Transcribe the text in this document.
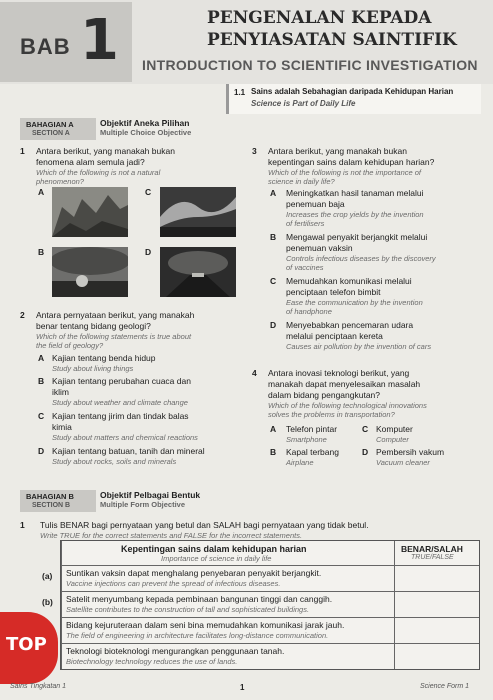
BAB 1	PENGENALAN KEPADA
PENYIASATAN SAINTIFIK
INTRODUCTION TO SCIENTIFIC INVESTIGATION
1.1 Sains adalah Sebahagian daripada Kehidupan Harian
Science is Part of Daily Life
BAHAGIAN A
SECTION A
Objektif Aneka Pilihan
Multiple Choice Objective
1 Antara berikut, yang manakah bukan
fenomena alam semula jadi?
Which of the following is not a natural
phenomenon?
A	C
B	D
2 Antara pernyataan berikut, yang manakah
benar tentang bidang geologi?
Which of the following statements is true about
the field of geology?
A Kajian tentang benda hidup
Study about living things
B Kajian tentang perubahan cuaca dan
iklim
Study about weather and climate change
C Kajian tentang jirim dan tindak balas
kimia
Study about matters and chemical reactions
D Kajian tentang batuan, tanih dan mineral
Study about rocks, soils and minerals
3 Antara berikut, yang manakah bukan
kepentingan sains dalam kehidupan harian?
Which of the following is not the importance of
science in daily life?
A Meningkatkan hasil tanaman melalui
penemuan baja
Increases the crop yields by the invention
of fertilisers
B Mengawal penyakit berjangkit melalui
penemuan vaksin
Controls infectious diseases by the discovery
of vaccines
C Memudahkan komunikasi melalui
penciptaan telefon bimbit
Ease the communication by the invention
of handphone
D Menyebabkan pencemaran udara
melalui penciptaan kereta
Causes air pollution by the invention of cars
4 Antara inovasi teknologi berikut, yang
manakah dapat menyelesaikan masalah
dalam bidang pengangkutan?
Which of the following technological innovations
solves the problems in transportation?
A Telefon pintar
Smartphone
C Komputer
Computer
B Kapal terbang
Airplane
D Pembersih vakum
Vacuum cleaner
BAHAGIAN B
SECTION B
Objektif Pelbagai Bentuk
Multiple Form Objective
1 Tulis BENAR bagi pernyataan yang betul dan SALAH bagi pernyataan yang tidak betul.
Write TRUE for the correct statements and FALSE for the incorrect statements.
Kepentingan sains dalam kehidupan harian
Importance of science in daily life
BENAR/SALAH
TRUE/FALSE
(a) Suntikan vaksin dapat menghalang penyebaran penyakit berjangkit.
Vaccine injections can prevent the spread of infectious diseases.
(b) Satelit menyumbang kepada pembinaan bangunan tinggi dan canggih.
Satellite contributes to the construction of tall and sophisticated buildings.
Bidang kejuruteraan dalam seni bina memudahkan komunikasi jarak jauh.
The field of engineering in architecture facilitates long-distance communication.
Teknologi bioteknologi mengurangkan penggunaan tanah.
Biotechnology technology reduces the use of lands.
TOP
Sains Tingkatan 1	1	Science Form 1
